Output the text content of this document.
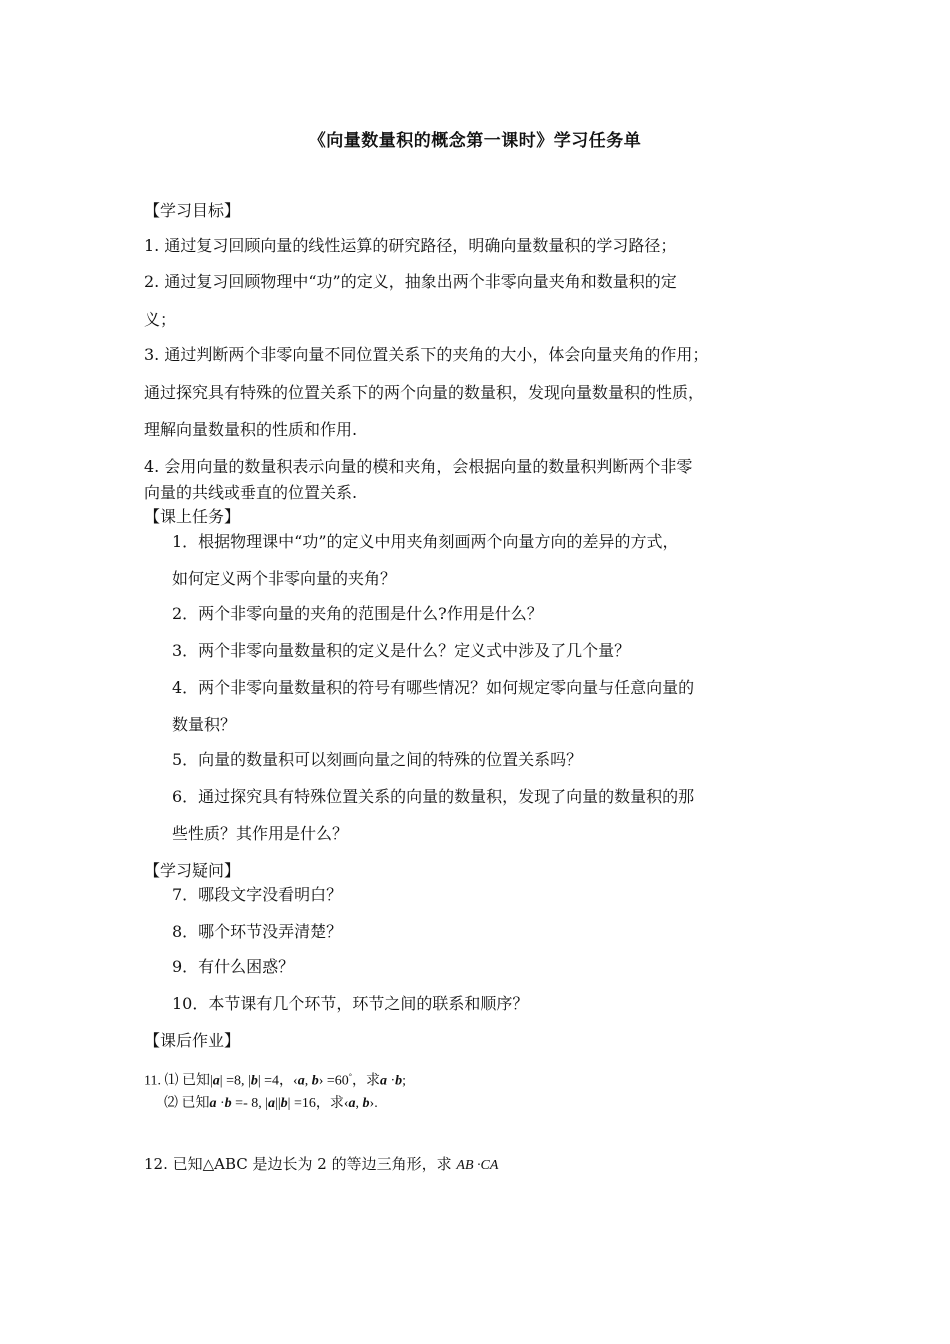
《向量数量积的概念第一课时》学习任务单
【学习目标】
1. 通过复习回顾向量的线性运算的研究路径，明确向量数量积的学习路径；
2. 通过复习回顾物理中“功”的定义，抽象出两个非零向量夹角和数量积的定
义；
3. 通过判断两个非零向量不同位置关系下的夹角的大小，体会向量夹角的作用；
通过探究具有特殊的位置关系下的两个向量的数量积，发现向量数量积的性质，
理解向量数量积的性质和作用.
4. 会用向量的数量积表示向量的模和夹角，会根据向量的数量积判断两个非零
向量的共线或垂直的位置关系.
【课上任务】
1．根据物理课中“功”的定义中用夹角刻画两个向量方向的差异的方式，
如何定义两个非零向量的夹角？
2．两个非零向量的夹角的范围是什么?作用是什么？
3．两个非零向量数量积的定义是什么？定义式中涉及了几个量？
4．两个非零向量数量积的符号有哪些情况？如何规定零向量与任意向量的
数量积？
5．向量的数量积可以刻画向量之间的特殊的位置关系吗？
6．通过探究具有特殊位置关系的向量的数量积，发现了向量的数量积的那
些性质？其作用是什么？
【学习疑问】
7．哪段文字没看明白？
8．哪个环节没弄清楚？
9．有什么困惑？
10．本节课有几个环节，环节之间的联系和顺序？
【课后作业】
11. ⑴ 已知|a| =8, |b| =4，‹a, b› =60°，求a ·b;
⑵ 已知a ·b =- 8, |a||b| =16，求‹a, b›.
12. 已知△ABC 是边长为 2 的等边三角形，求 AB ·CA
